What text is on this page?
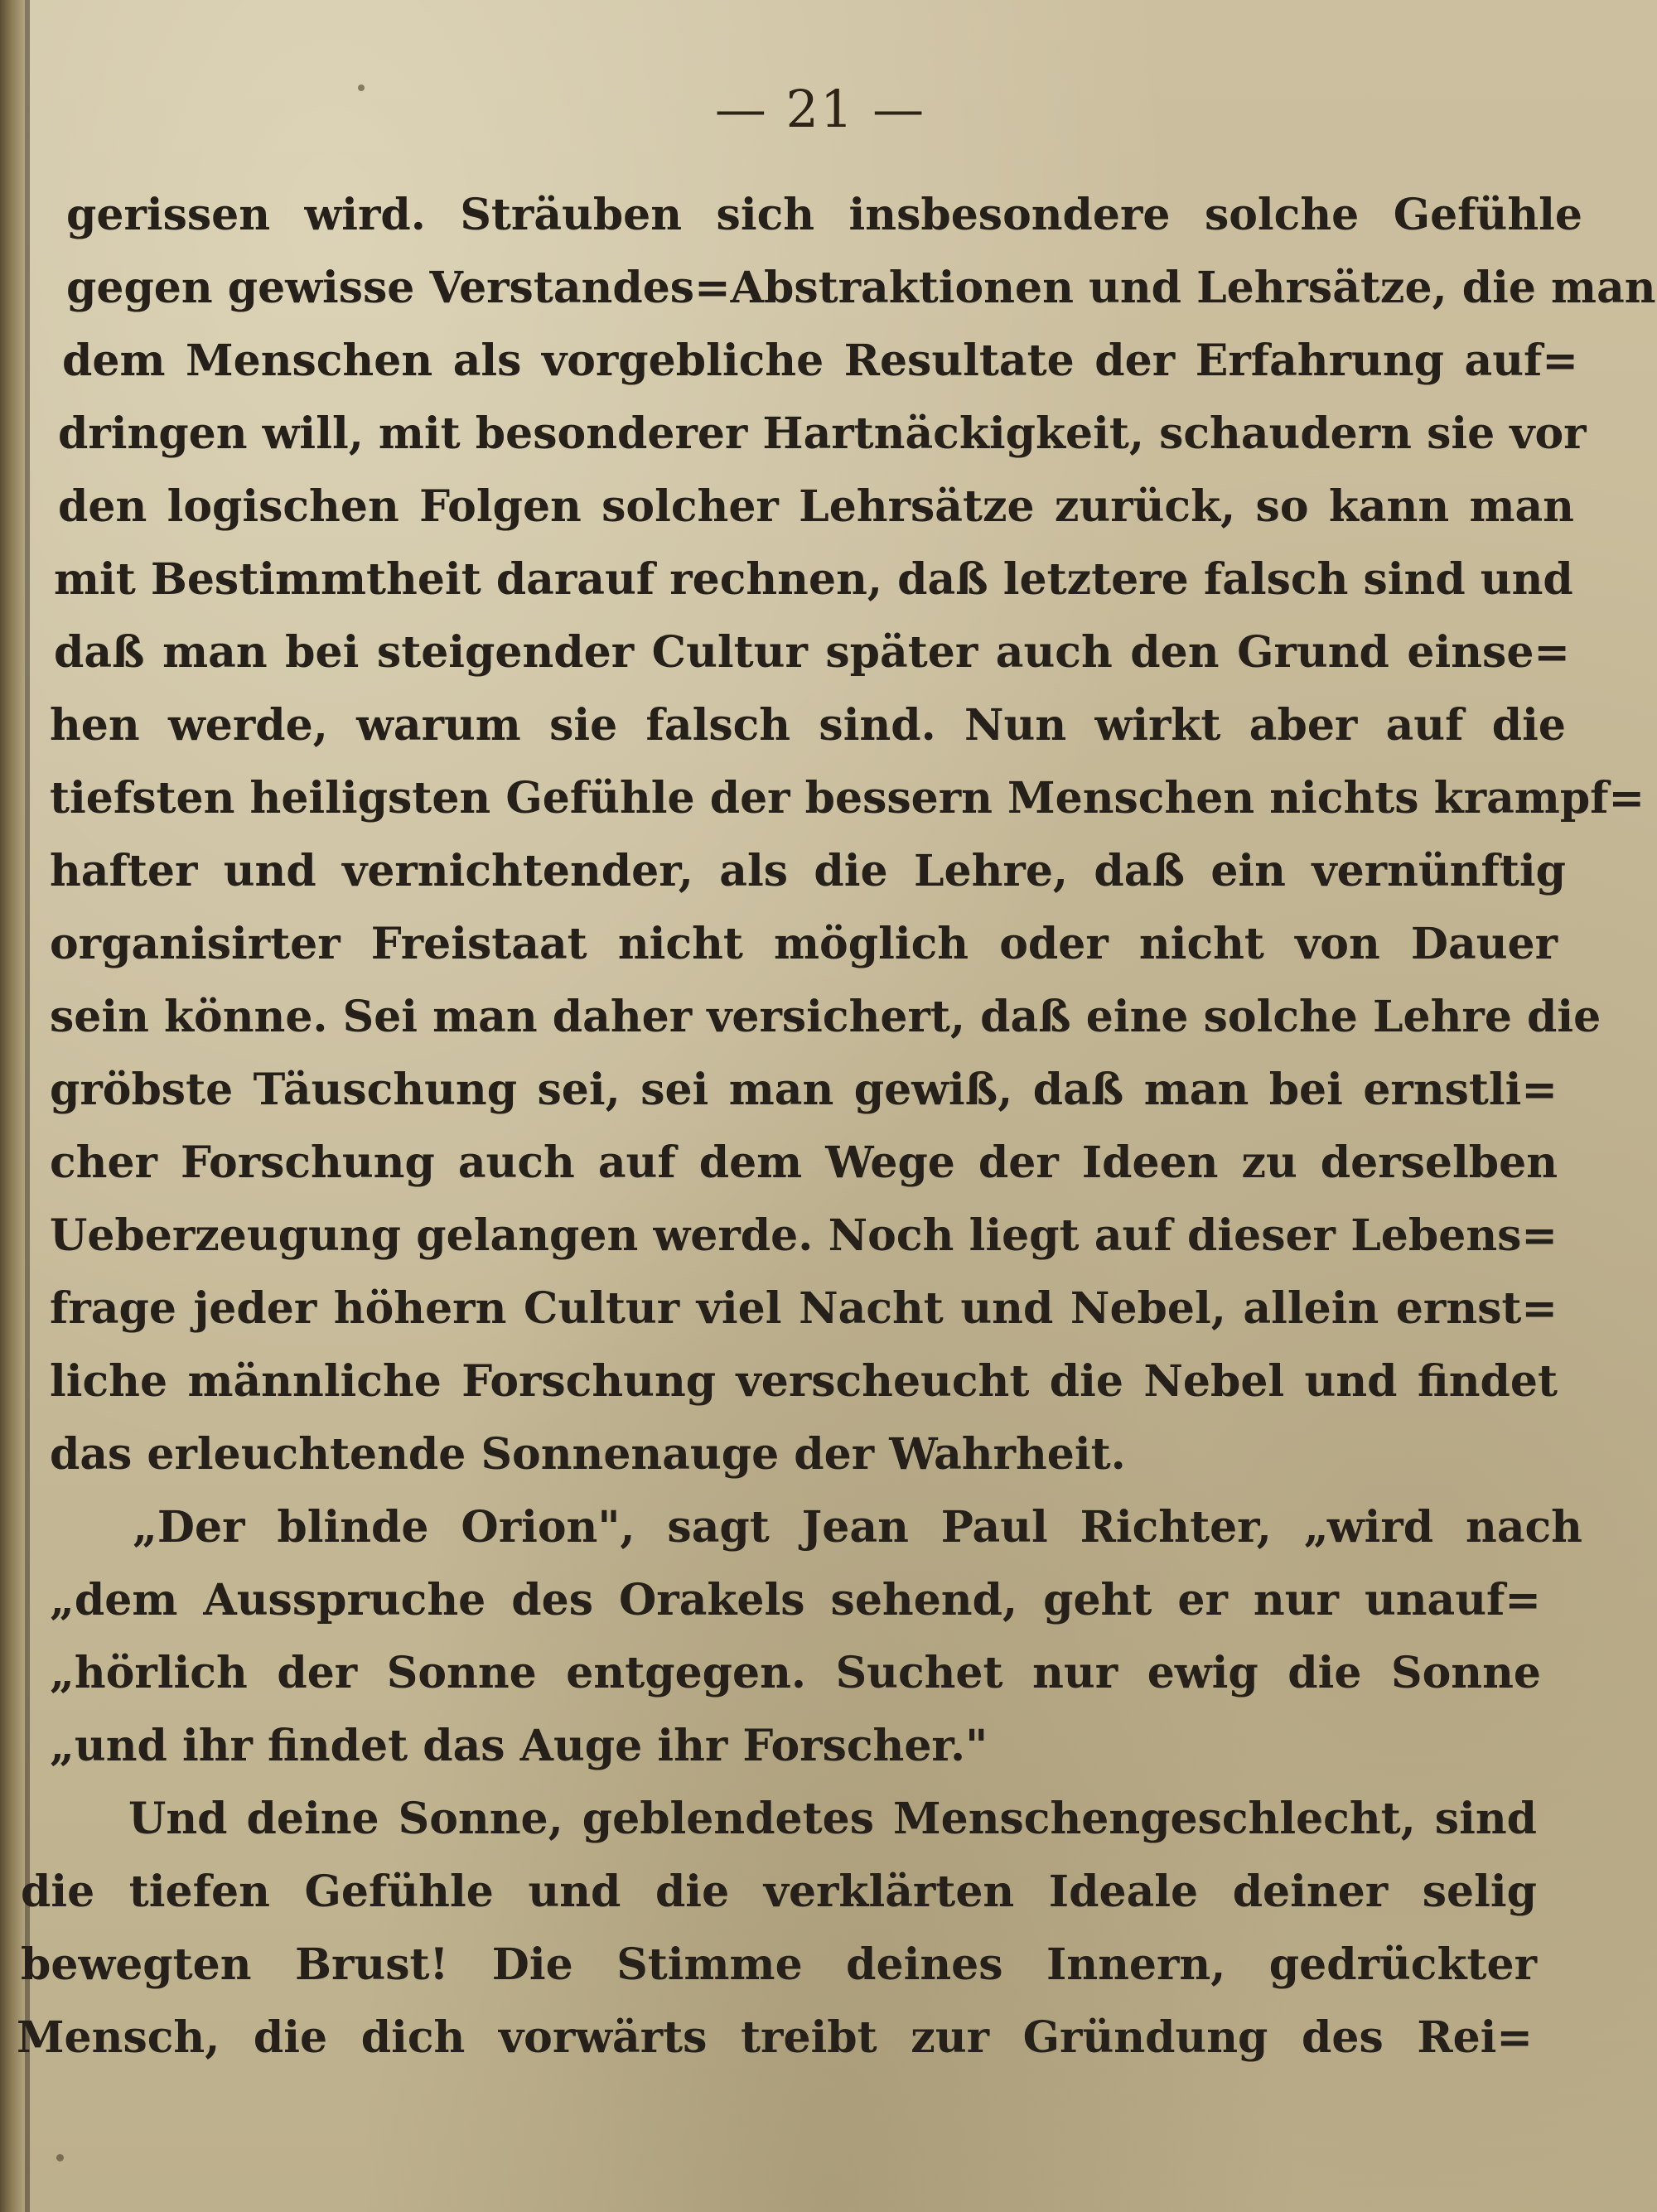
— 21 —
gerissen wird. Sträuben sich insbesondere solche Gefühle
gegen gewisse Verstandes=Abstraktionen und Lehrsätze, die man
dem Menschen als vorgebliche Resultate der Erfahrung auf=
dringen will, mit besonderer Hartnäckigkeit, schaudern sie vor
den logischen Folgen solcher Lehrsätze zurück, so kann man
mit Bestimmtheit darauf rechnen, daß letztere falsch sind und
daß man bei steigender Cultur später auch den Grund einse=
hen werde, warum sie falsch sind. Nun wirkt aber auf die
tiefsten heiligsten Gefühle der bessern Menschen nichts krampf=
hafter und vernichtender, als die Lehre, daß ein vernünftig
organisirter Freistaat nicht möglich oder nicht von Dauer
sein könne. Sei man daher versichert, daß eine solche Lehre die
gröbste Täuschung sei, sei man gewiß, daß man bei ernstli=
cher Forschung auch auf dem Wege der Ideen zu derselben
Ueberzeugung gelangen werde. Noch liegt auf dieser Lebens=
frage jeder höhern Cultur viel Nacht und Nebel, allein ernst=
liche männliche Forschung verscheucht die Nebel und findet
das erleuchtende Sonnenauge der Wahrheit.
„Der blinde Orion", sagt Jean Paul Richter, „wird nach
„dem Ausspruche des Orakels sehend, geht er nur unauf=
„hörlich der Sonne entgegen. Suchet nur ewig die Sonne
„und ihr findet das Auge ihr Forscher."
Und deine Sonne, geblendetes Menschengeschlecht, sind
die tiefen Gefühle und die verklärten Ideale deiner selig
bewegten Brust! Die Stimme deines Innern, gedrückter
Mensch, die dich vorwärts treibt zur Gründung des Rei=
